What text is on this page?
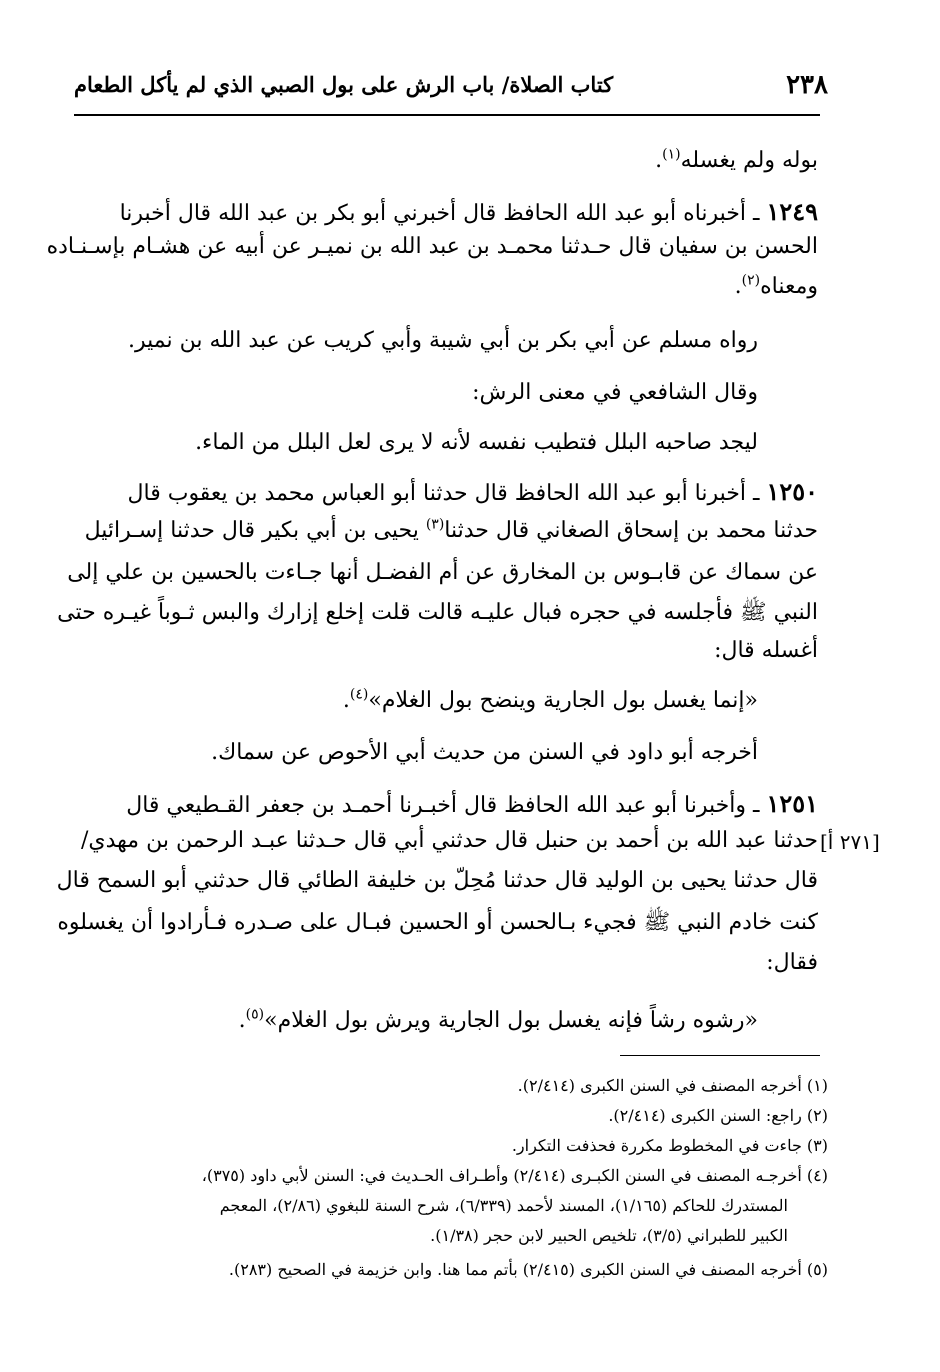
٢٣٨
كتاب الصلاة/ باب الرش على بول الصبي الذي لم يأكل الطعام
بوله ولم يغسله$^{(١)}$.
١٢٤٩ ـ أخبرناه أبو عبد الله الحافظ قال أخبرني أبو بكر بن عبد الله قال أخبرنا
الحسن بن سفيان قال حـدثنا محمـد بن عبد الله بن نميـر عن أبيه عن هشـام بإسـنـاده
ومعناه$^{(٢)}$.
رواه مسلم عن أبي بكر بن أبي شيبة وأبي كريب عن عبد الله بن نمير.
وقال الشافعي في معنى الرش:
ليجد صاحبه البلل فتطيب نفسه لأنه لا يرى لعل البلل من الماء.
١٢٥٠ ـ أخبرنا أبو عبد الله الحافظ قال حدثنا أبو العباس محمد بن يعقوب قال
حدثنا محمد بن إسحاق الصغاني قال حدثنا$^{(٣)}$ يحيى بن أبي بكير قال حدثنا إسـرائيل
عن سماك عن قابـوس بن المخارق عن أم الفضـل أنها جـاءت بالحسين بن علي إلى
النبي ﷺ فأجلسه في حجره فبال عليـه قالت قلت إخلع إزارك والبس ثـوباً غيـره حتى
أغسله قال:
«إنما يغسل بول الجارية وينضح بول الغلام»$^{(٤)}$.
أخرجه أبو داود في السنن من حديث أبي الأحوص عن سماك.
١٢٥١ ـ وأخبرنا أبو عبد الله الحافظ قال أخبـرنا أحمـد بن جعفر القـطيعي قال
حدثنا عبد الله بن أحمد بن حنبل قال حدثني أبي قال حـدثنا عبـد الرحمن بن مهدي/ [٢٧١ أ]
قال حدثنا يحيى بن الوليد قال حدثنا مُحِلّ بن خليفة الطائي قال حدثني أبو السمح قال
كنت خادم النبي ﷺ فجيء بـالحسن أو الحسين فبـال على صـدره فـأرادوا أن يغسلوه
فقال:
«رشوه رشاً فإنه يغسل بول الجارية ويرش بول الغلام»$^{(٥)}$.
(١) أخرجه المصنف في السنن الكبرى (٢/٤١٤).
(٢) راجع: السنن الكبرى (٢/٤١٤).
(٣) جاءت في المخطوط مكررة فحذفت التكرار.
(٤) أخرجـه المصنف في السنن الكبـرى (٢/٤١٤) وأطـراف الحـديث في: السنن لأبي داود (٣٧٥)،
المستدرك للحاكم (١/١٦٥)، المسند لأحمد (٦/٣٣٩)، شرح السنة للبغوي (٢/٨٦)، المعجم
الكبير للطبراني (٣/٥)، تلخيص الحبير لابن حجر (١/٣٨).
(٥) أخرجه المصنف في السنن الكبرى (٢/٤١٥) بأتم مما هنا. وابن خزيمة في الصحيح (٢٨٣).
